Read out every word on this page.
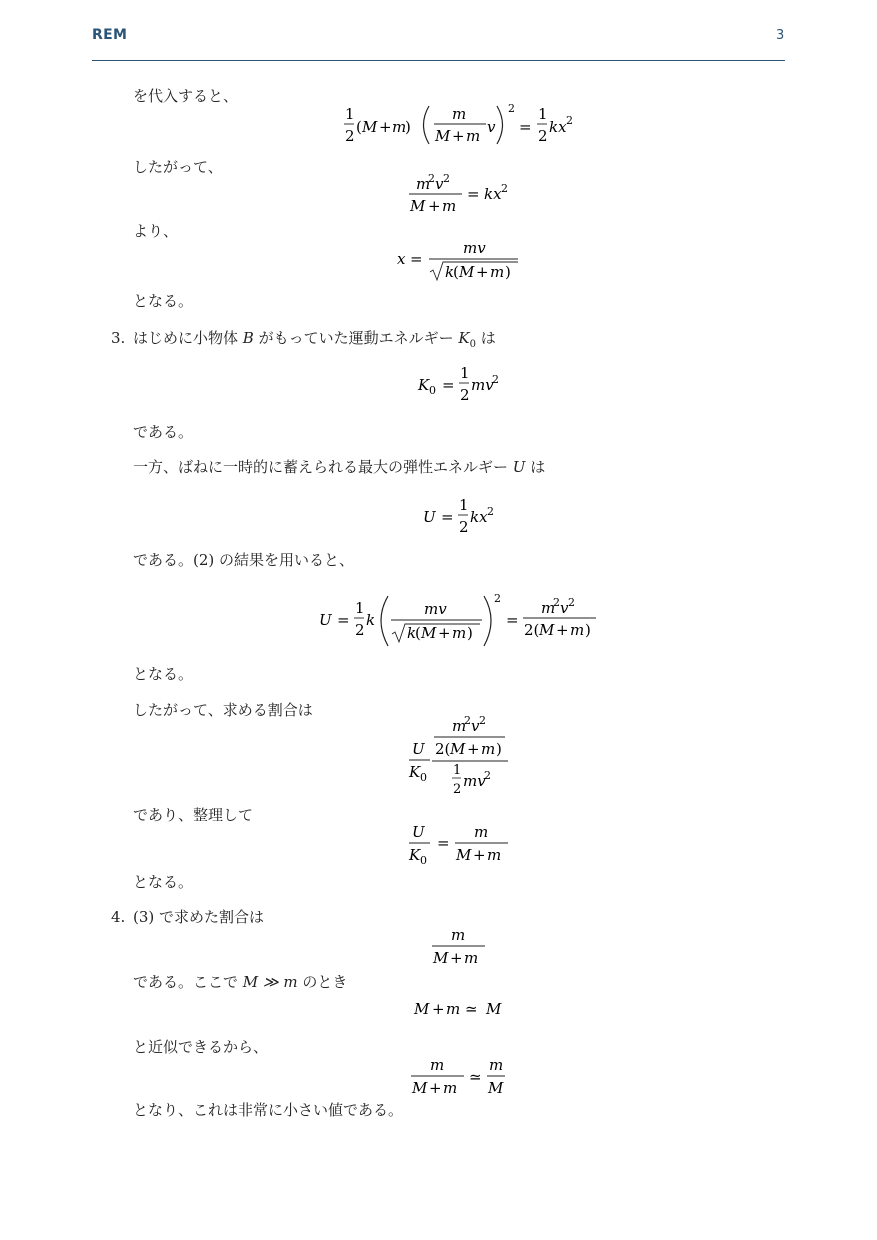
REM	3
を代入すると、
1
2 ( M + m
)
m
M + m v
2
=
1
2 kx 2
したがって、
m
2 v 2
M + m
= kx 2
より、
x =
mv
k
( M + m )
となる。
3. はじめに小物体 B がもっていた運動エネルギー $K_0$ は
K 0 =
1
2
mv
2
である。
一方、ばねに一時的に蓄えられる最大の弾性エネルギー U は
U =
1
2
kx 2
である。(2) の結果を用いると、
U =
1
2
k
mv
k
( M + m )
2
=
m
2 v 2
2( M + m )
となる。
したがって、求める割合は
U
K 0
m
2 v 2
2( M + m )
1
2 mv
2
であり、整理して
U
K 0
=
m
M + m
となる。
4. (3) で求めた割合は
m
M + m
である。ここで M ≫ m のとき
M + m ≃ M
と近似できるから、
m
M + m
≃
m
M
となり、これは非常に小さい値である。
